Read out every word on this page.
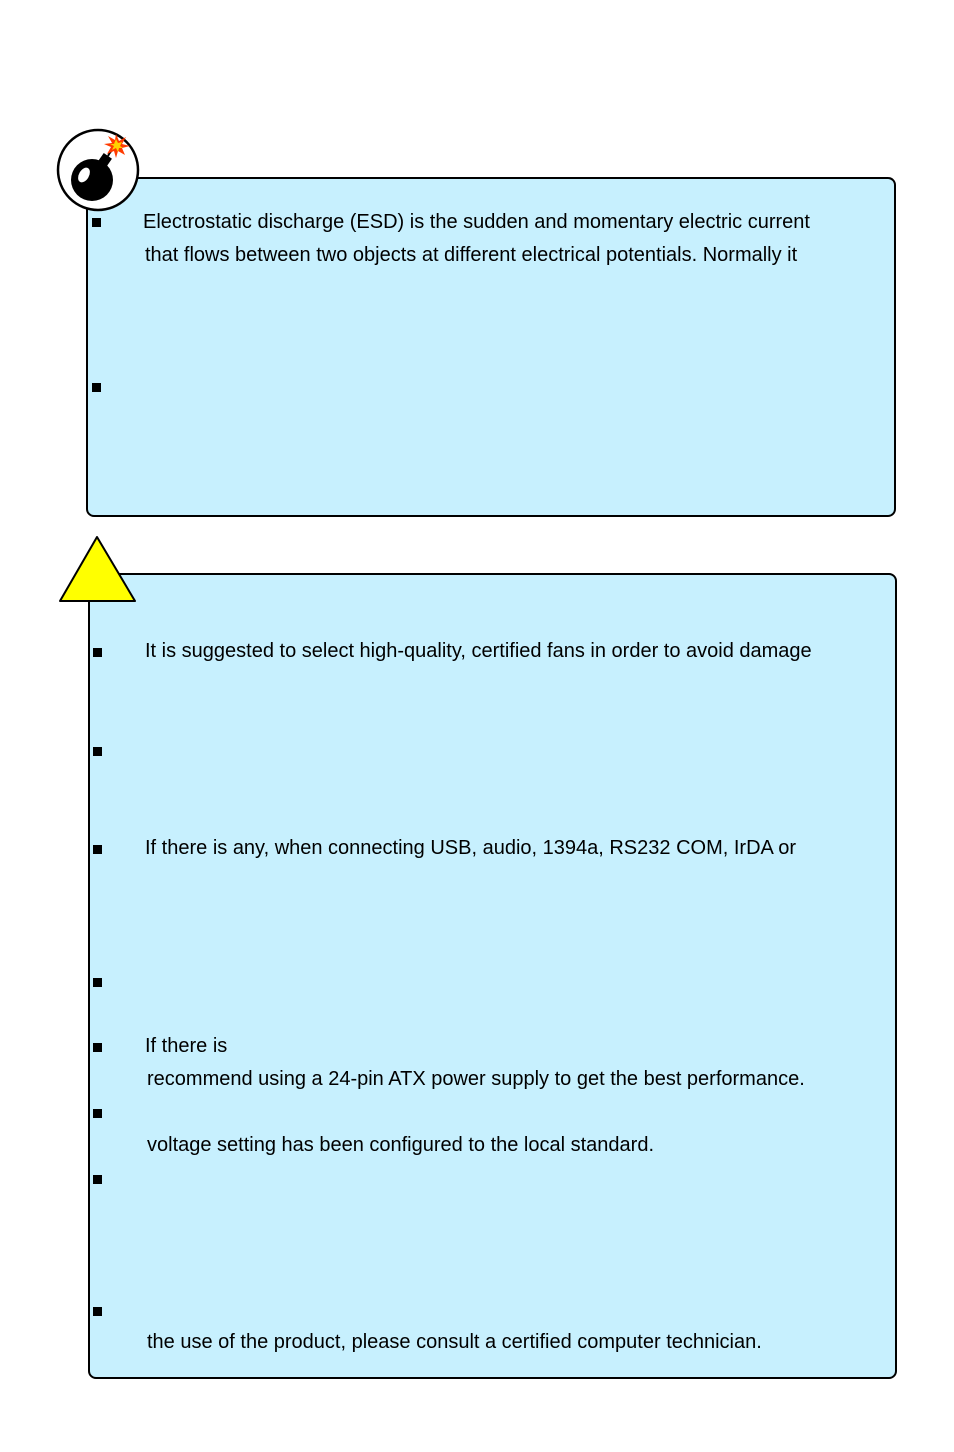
Electrostatic discharge (ESD) is the sudden and momentary electric current
that flows between two objects at different electrical potentials. Normally it
It is suggested to select high-quality, certified fans in order to avoid damage
If there is any, when connecting USB, audio, 1394a, RS232 COM, IrDA or
If there is
recommend using a 24-pin ATX power supply to get the best performance.
voltage setting has been configured to the local standard.
the use of the product, please consult a certified computer technician.
